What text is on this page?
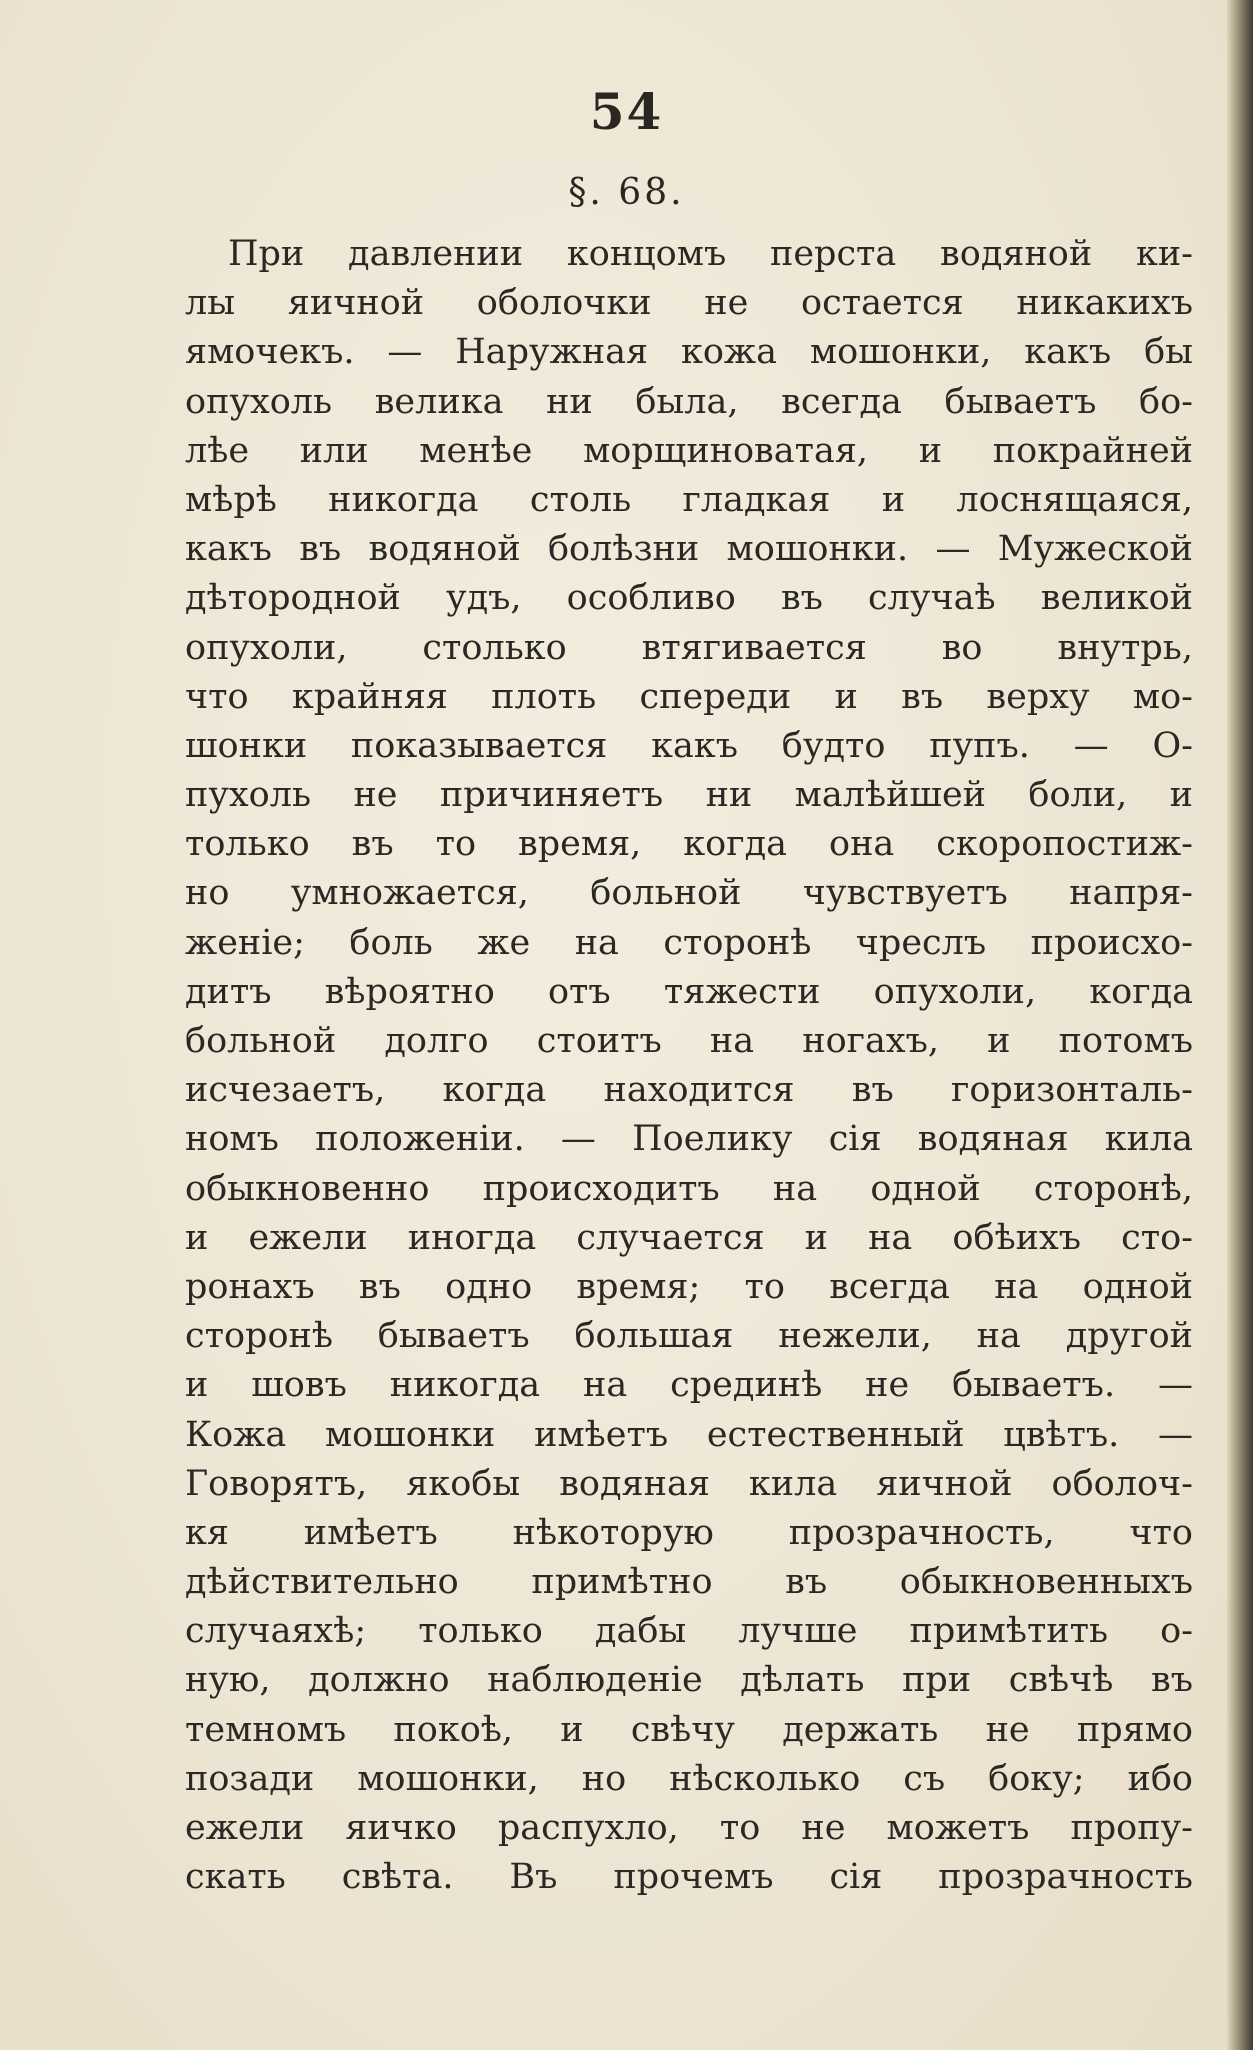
54
§. 68.
При давлении концомъ перста водяной ки-
лы яичной оболочки не остается никакихъ
ямочекъ. — Наружная кожа мошонки, какъ бы
опухоль велика ни была, всегда бываетъ бо-
лѣе или менѣе морщиноватая, и покрайней
мѣрѣ никогда столь гладкая и лоснящаяся,
какъ въ водяной болѣзни мошонки. — Мужеской
дѣтородной удъ, особливо въ случаѣ великой
опухоли, столько втягивается во внутрь,
что крайняя плоть спереди и въ верху мо-
шонки показывается какъ будто пупъ. — О-
пухоль не причиняетъ ни малѣйшей боли, и
только въ то время, когда она скоропостиж-
но умножается, больной чувствуетъ напря-
женіе; боль же на сторонѣ чреслъ происхо-
дитъ вѣроятно отъ тяжести опухоли, когда
больной долго стоитъ на ногахъ, и потомъ
исчезаетъ, когда находится въ горизонталь-
номъ положеніи. — Поелику сія водяная кила
обыкновенно происходитъ на одной сторонѣ,
и ежели иногда случается и на обѣихъ сто-
ронахъ въ одно время; то всегда на одной
сторонѣ бываетъ большая нежели, на другой
и шовъ никогда на срединѣ не бываетъ. —
Кожа мошонки имѣетъ естественный цвѣтъ. —
Говорятъ, якобы водяная кила яичной оболоч-
кя имѣетъ нѣкоторую прозрачность, что
дѣйствительно примѣтно въ обыкновенныхъ
случаяхѣ; только дабы лучше примѣтить о-
ную, должно наблюденіе дѣлать при свѣчѣ въ
темномъ покоѣ, и свѣчу держать не прямо
позади мошонки, но нѣсколько съ боку; ибо
ежели яичко распухло, то не можетъ пропу-
скать свѣта. Въ прочемъ сія прозрачность
